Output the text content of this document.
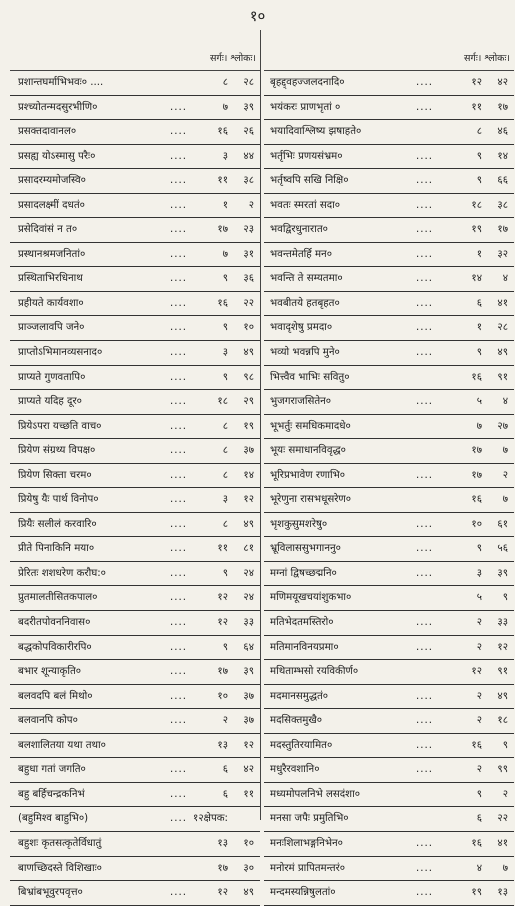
१०
सर्गः। श्लोकः।
प्रशान्तघर्माभिभवः० ....	८ २८
प्रश्च्योतन्मदसुरभीणि०	....	७ ३९
प्रसक्तदावानल०	....	१६ २६
प्रसह्य योऽस्मासु परैः०	....	३ ४४
प्रसादरम्यमोजस्वि०	....	११ ३८
प्रसादलक्ष्मीं दधतं०	....	१ २
प्रसेदिवांसं न त०	....	१७ २३
प्रस्थानश्रमजनितां०	....	७ ३१
प्रस्थिताभिरधिनाथ	....	९ ३६
प्रहीयते कार्यवशा०	....	१६ २२
प्राञ्जलावपि जने०	....	९ १०
प्राप्तोऽभिमानव्यसनाद०	....	३ ४९
प्राप्यते गुणवतापि०	....	९ ९८
प्राप्यते यदिह दूर०	....	१८ २९
प्रियेऽपरा यच्छति वाच०	....	८ १९
प्रियेण संग्रथ्य विपक्ष०	....	८ ३७
प्रियेण सिक्ता चरम०	....	८ १४
प्रियेषु यैः पार्थ विनोप०	....	३ १२
प्रियैः सलीलं करवारि०	....	८ ४९
प्रीते पिनाकिनि मया०	....	११ ८१
प्रेरितः शशधरेण करौघ:०	....	९ २४
प्रुतमालतीसितकपाल०	....	१२ २४
बदरीतपोवननिवास०	....	१२ ३३
बद्धकोपविकारीरपि०	....	९ ६४
बभार शून्याकृति०	....	१७ ३९
बलवदपि बलं मिथो०	....	१० ३७
बलवानपि कोप०	....	२ ३७
बलशालितया यथा तथा०	१३ १२
बहुधा गतां जगति०	....	६ ४२
बहु बर्हिचन्द्रकनिभं	....	६ ११
(बहुमिश्व बाहुभि०)	.... १२क्षेपक:
बहुशः कृतसत्कृतेर्विधातुं	१३ १०
बाणच्छिदस्ते विशिखाः०	१७ ३०
बिभ्रांबभूवुरपवृत्त०	....	१२ ४९
सर्गः। श्लोकः।
बृहद्द्वहज्जलदनादि०	....	१२ ४२
भयंकरः प्राणभृतां ०	....	११ १७
भयादिवाश्लिष्य झषाहते०	८ ४६
भर्तृभिः प्रणयसंभ्रम०	....	९ १४
भर्तृष्वपि सखि निक्षि०	....	९ ६६
भवतः स्मरतां सदा०	....	१८ ३८
भवद्विरधुनारात०	....	१९ १७
भवन्तमेतर्हि मन०	....	१ ३२
भवन्ति ते सम्यतमा०	....	१४ ४
भवबीतये हतबृहत०	....	६ ४१
भवादृशेषु प्रमदा०	....	१ २८
भव्यो भवन्नपि मुने०	....	९ ४९
भित्त्वैव भाभिः सवितु०	१६ ९१
भुजगराजसितेन०	....	५ ४
भूभर्तुः समधिकमादधे०	७ २७
भूयः समाधानविवृद्ध०	१७ ७
भूरिप्रभावेण रणाभि०	....	१७ २
भूरेणुना रासभधूसरेण०	१६ ७
भृशकुसुमशरेषु०	....	१० ६१
भ्रूविलाससुभगाननु०	....	९ ५६
मग्नां द्विषच्छद्मनि०	....	३ ३९
मणिमयूखचयांशुकभा०	५ ९
मतिभेदतमस्तिरो०	....	२ ३३
मतिमानविनयप्रमा०	....	२ १२
मथिताम्भसो रयविकीर्ण०	१२ ९१
मदमानसमुद्धतं०	....	२ ४९
मदसिक्तमुखै०	....	२ १८
मदस्तुतिरयामित०	....	१६ ९
मधुरैरवशानि०	....	२ ९९
मध्यमोपलनिभे लसदंशा०	९ २
मनसा जपैः प्रमुतिभि०	६ २२
मनःशिलाभङ्गनिभेन०	....	१६ ४१
मनोरमं प्रापितमन्तरं०	....	४ ७
मन्दमस्यन्निषुलतां०	....	१९ १३
